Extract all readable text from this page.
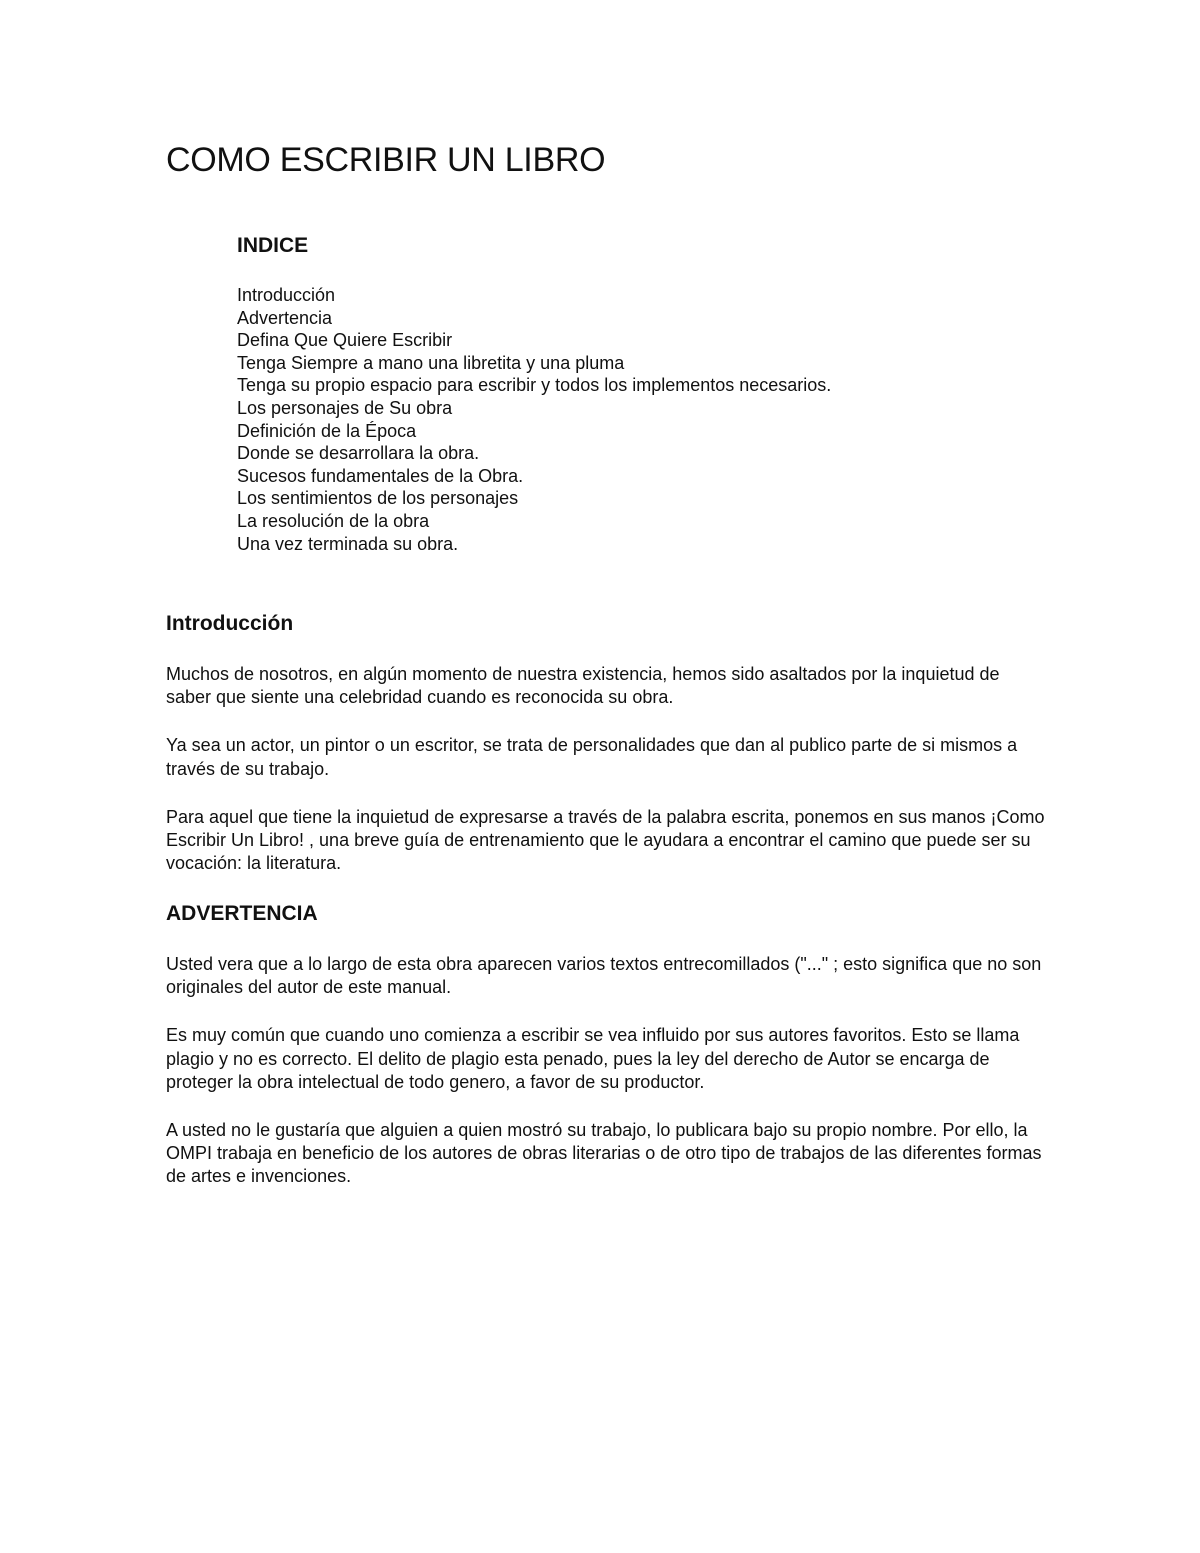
COMO ESCRIBIR UN LIBRO
INDICE
Introducción
Advertencia
Defina Que Quiere Escribir
Tenga Siempre a mano una libretita y una pluma
Tenga su propio espacio para escribir y todos los implementos necesarios.
Los personajes de Su obra
Definición de la Época
Donde se desarrollara la obra.
Sucesos fundamentales de la Obra.
Los sentimientos de los personajes
La resolución de la obra
Una vez terminada su obra.
Introducción

Muchos de nosotros, en algún momento de nuestra existencia, hemos sido asaltados por la inquietud de saber que siente una celebridad cuando es reconocida su obra.

Ya sea un actor, un pintor o un escritor, se trata de personalidades que dan al publico parte de si mismos a través de su trabajo.

Para aquel que tiene la inquietud de expresarse a través de la palabra escrita, ponemos en sus manos ¡Como Escribir Un Libro! , una breve guía de entrenamiento que le ayudara a encontrar el camino que puede ser su vocación: la literatura.

ADVERTENCIA

Usted vera que a lo largo de esta obra aparecen varios textos entrecomillados ("..." ; esto significa que no son originales del autor de este manual.

Es muy común que cuando uno comienza a escribir se vea influido por sus autores favoritos. Esto se llama plagio y no es correcto. El delito de plagio esta penado, pues la ley del derecho de Autor se encarga de proteger la obra intelectual de todo genero, a favor de su productor.

A usted no le gustaría que alguien a quien mostró su trabajo, lo publicara bajo su propio nombre. Por ello, la OMPI trabaja en beneficio de los autores de obras literarias o de otro tipo de trabajos de las diferentes formas de artes e invenciones.
